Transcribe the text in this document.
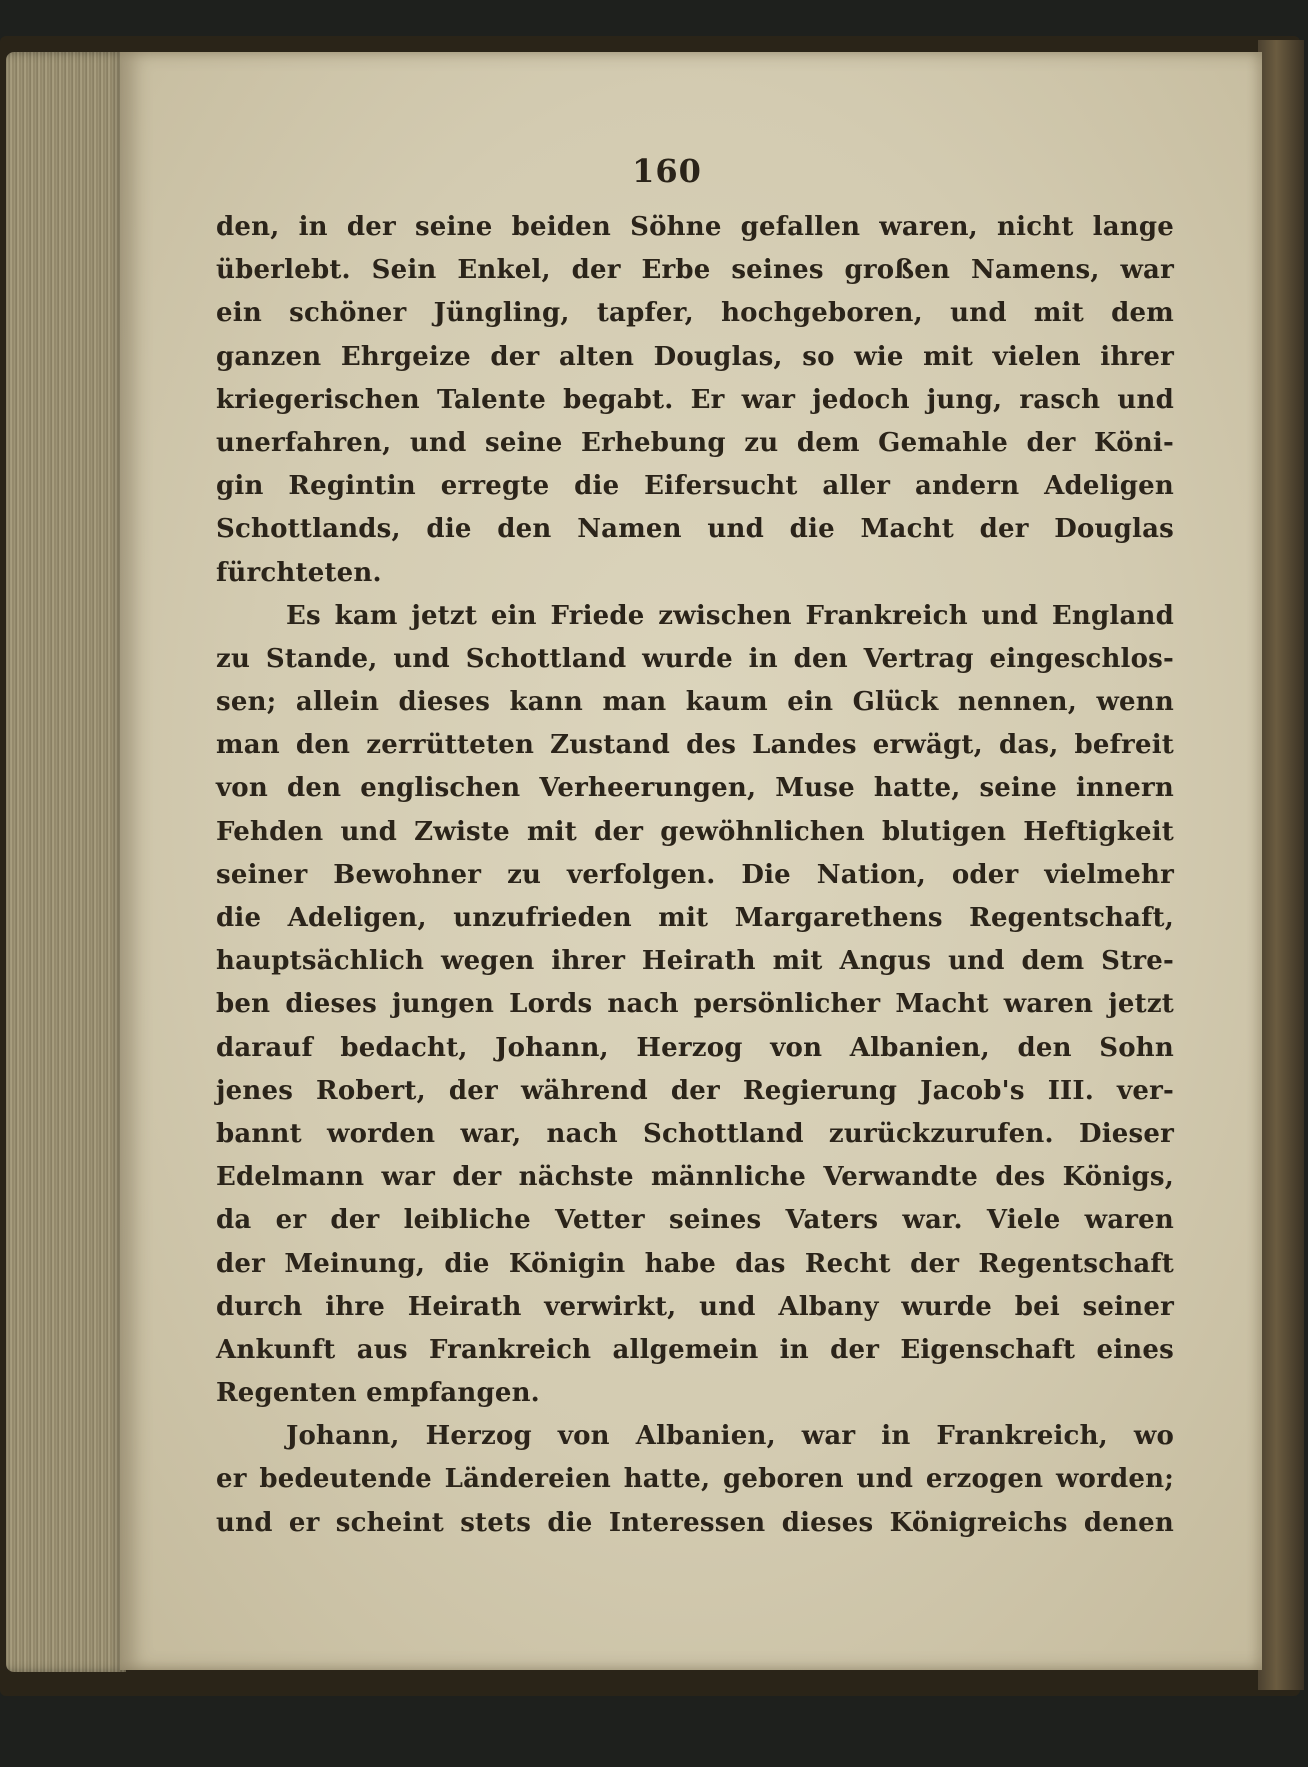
160
den, in der seine beiden Söhne gefallen waren, nicht lange
überlebt. Sein Enkel, der Erbe seines großen Namens, war
ein schöner Jüngling, tapfer, hochgeboren, und mit dem
ganzen Ehrgeize der alten Douglas, so wie mit vielen ihrer
kriegerischen Talente begabt. Er war jedoch jung, rasch und
unerfahren, und seine Erhebung zu dem Gemahle der Köni-
gin Regintin erregte die Eifersucht aller andern Adeligen
Schottlands, die den Namen und die Macht der Douglas
fürchteten.
Es kam jetzt ein Friede zwischen Frankreich und England
zu Stande, und Schottland wurde in den Vertrag eingeschlos-
sen; allein dieses kann man kaum ein Glück nennen, wenn
man den zerrütteten Zustand des Landes erwägt, das, befreit
von den englischen Verheerungen, Muse hatte, seine innern
Fehden und Zwiste mit der gewöhnlichen blutigen Heftigkeit
seiner Bewohner zu verfolgen. Die Nation, oder vielmehr
die Adeligen, unzufrieden mit Margarethens Regentschaft,
hauptsächlich wegen ihrer Heirath mit Angus und dem Stre-
ben dieses jungen Lords nach persönlicher Macht waren jetzt
darauf bedacht, Johann, Herzog von Albanien, den Sohn
jenes Robert, der während der Regierung Jacob's III. ver-
bannt worden war, nach Schottland zurückzurufen. Dieser
Edelmann war der nächste männliche Verwandte des Königs,
da er der leibliche Vetter seines Vaters war. Viele waren
der Meinung, die Königin habe das Recht der Regentschaft
durch ihre Heirath verwirkt, und Albany wurde bei seiner
Ankunft aus Frankreich allgemein in der Eigenschaft eines
Regenten empfangen.
Johann, Herzog von Albanien, war in Frankreich, wo
er bedeutende Ländereien hatte, geboren und erzogen worden;
und er scheint stets die Interessen dieses Königreichs denen
